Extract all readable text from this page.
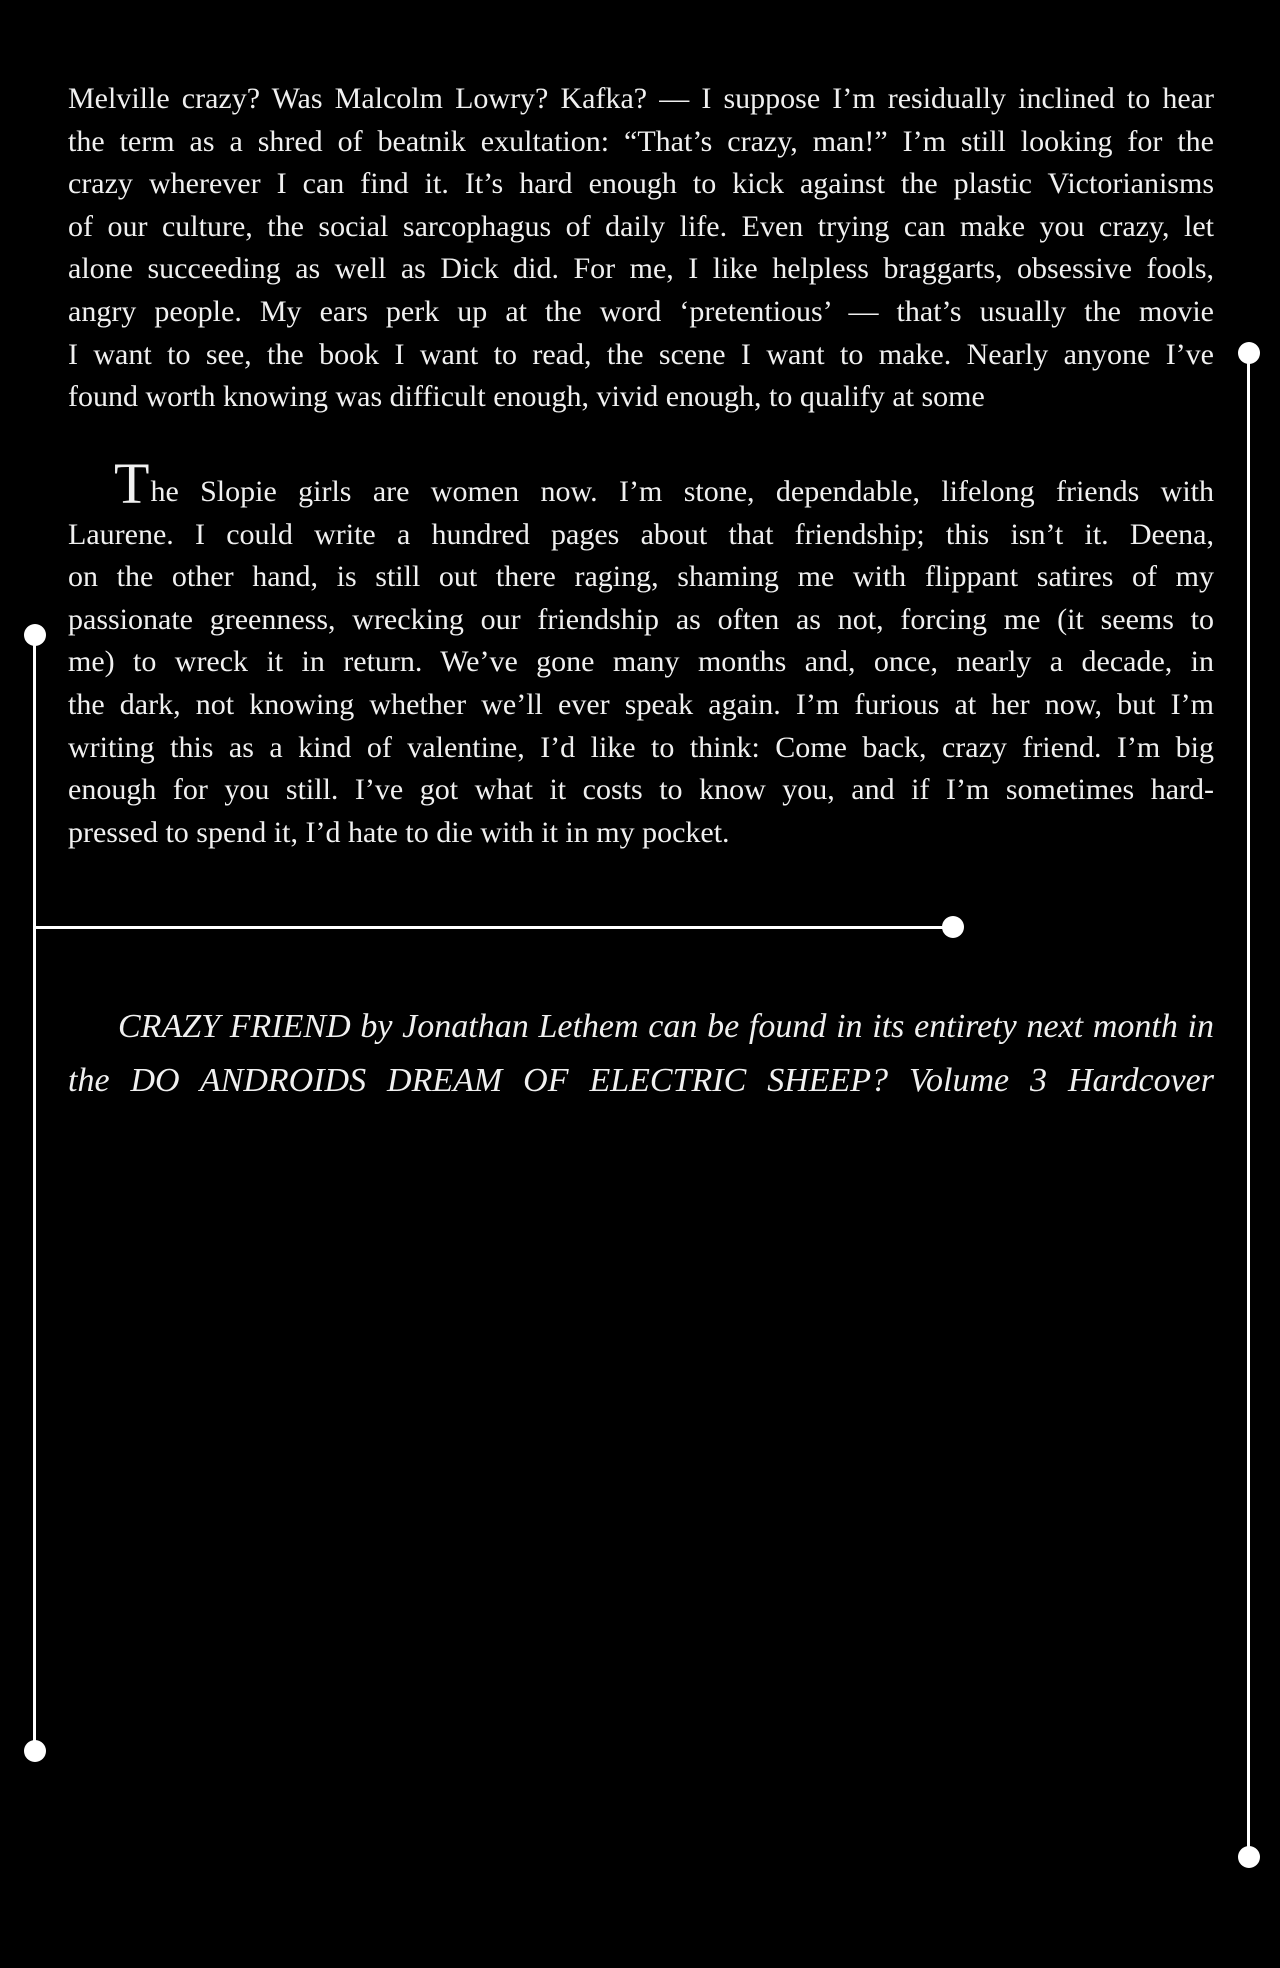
Melville crazy? Was Malcolm Lowry? Kafka? — I suppose I’m residually inclined to hear
the term as a shred of beatnik exultation: “That’s crazy, man!” I’m still looking for the
crazy wherever I can find it. It’s hard enough to kick against the plastic Victorianisms
of our culture, the social sarcophagus of daily life. Even trying can make you crazy, let
alone succeeding as well as Dick did. For me, I like helpless braggarts, obsessive fools,
angry people. My ears perk up at the word ‘pretentious’ — that’s usually the movie
I want to see, the book I want to read, the scene I want to make. Nearly anyone I’ve
found worth knowing was difficult enough, vivid enough, to qualify at some
The Slopie girls are women now. I’m stone, dependable, lifelong friends with
Laurene. I could write a hundred pages about that friendship; this isn’t it. Deena,
on the other hand, is still out there raging, shaming me with flippant satires of my
passionate greenness, wrecking our friendship as often as not, forcing me (it seems to
me) to wreck it in return. We’ve gone many months and, once, nearly a decade, in
the dark, not knowing whether we’ll ever speak again. I’m furious at her now, but I’m
writing this as a kind of valentine, I’d like to think: Come back, crazy friend. I’m big
enough for you still. I’ve got what it costs to know you, and if I’m sometimes hard-
pressed to spend it, I’d hate to die with it in my pocket.
CRAZY FRIEND by Jonathan Lethem can be found in its entirety next month in
the DO ANDROIDS DREAM OF ELECTRIC SHEEP? Volume 3 Hardcover
